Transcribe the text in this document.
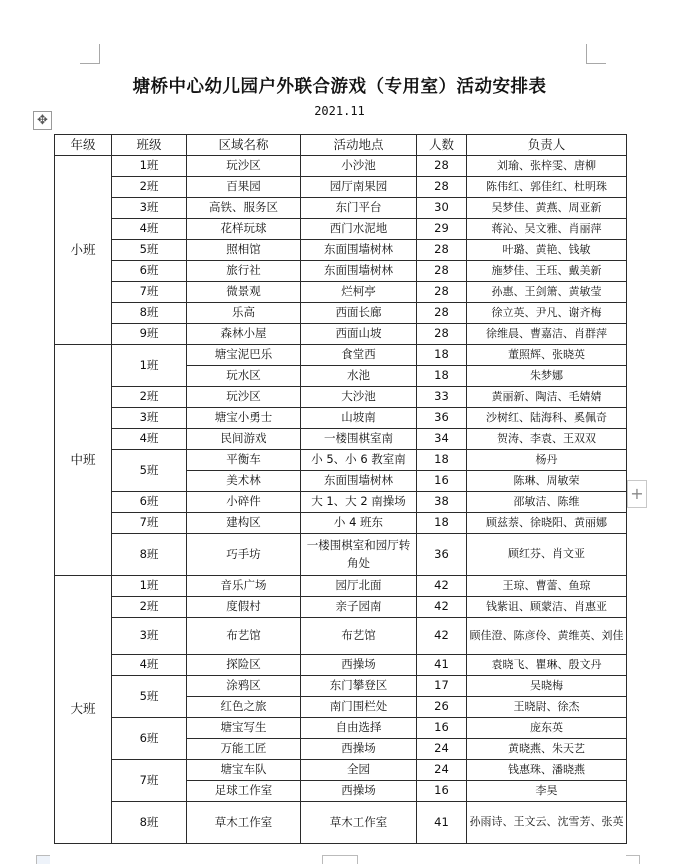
✥
塘桥中心幼儿园户外联合游戏（专用室）活动安排表
2021.11
年级	班级	区域名称	活动地点	人数	负责人
小班	1班	玩沙区	小沙池	28	刘瑜、张梓雯、唐柳
	2班	百果园	园厅南果园	28	陈伟红、郭佳红、杜明珠
	3班	高铁、服务区	东门平台	30	吴梦佳、黄燕、周亚新
	4班	花样玩球	西门水泥地	29	蒋沁、吴文雅、肖丽萍
	5班	照相馆	东面围墙树林	28	叶璐、黄艳、钱敏
	6班	旅行社	东面围墙树林	28	施梦佳、王珏、戴美新
	7班	微景观	烂柯亭	28	孙惠、王剑箫、黄敏莹
	8班	乐高	西面长廊	28	徐立英、尹凡、谢齐梅
	9班	森林小屋	西面山坡	28	徐维晨、曹嘉洁、肖群萍
中班	1班	塘宝泥巴乐	食堂西	18	董照辉、张晓英
		玩水区	水池	18	朱梦娜
	2班	玩沙区	大沙池	33	黄丽新、陶洁、毛婧婧
	3班	塘宝小勇士	山坡南	36	沙树红、陆海科、奚佩奇
	4班	民间游戏	一楼围棋室南	34	贺涛、李袁、王双双
	5班	平衡车	小 5、小 6 教室南	18	杨丹
		美术林	东面围墙树林	16	陈琳、周敏荣
	6班	小碎件	大 1、大 2 南操场	38	邵敏洁、陈维
	7班	建构区	小 4 班东	18	顾兹萘、徐晓阳、黄丽娜
	8班	巧手坊	一楼围棋室和园厅转角处	36	顾红芬、肖文亚
大班	1班	音乐广场	园厅北面	42	王琼、曹蕾、鱼琼
	2班	度假村	亲子园南	42	钱紫诅、顾蒙洁、肖惠亚
	3班	布艺馆	布艺馆	42	顾佳澄、陈彦伶、黄维英、刘佳
	4班	探险区	西操场	41	袁晓飞、瞿琳、殷文丹
	5班	涂鸦区	东门攀登区	17	吴晓梅
		红色之旅	南门围栏处	26	王晓尉、徐杰
	6班	塘宝写生	自由选择	16	庞东英
		万能工匠	西操场	24	黄晓燕、朱天艺
	7班	塘宝车队	全园	24	钱惠珠、潘晓燕
		足球工作室	西操场	16	李昊
	8班	草木工作室	草木工作室	41	孙雨诗、王文云、沈雪芳、张英
+
